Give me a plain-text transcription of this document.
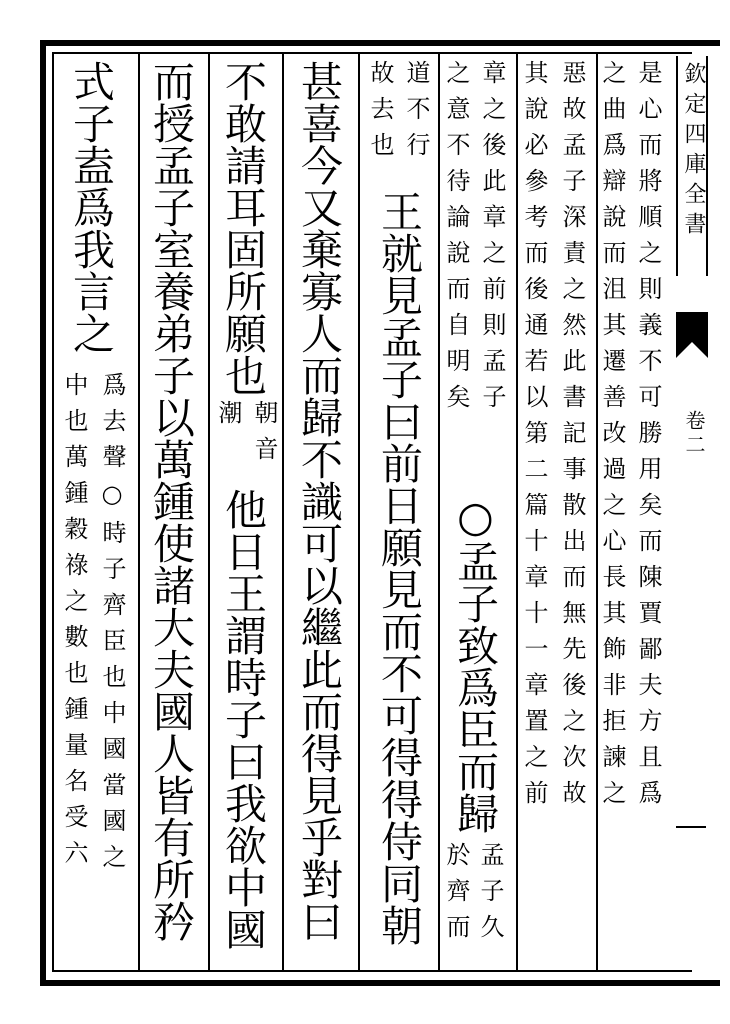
欽定四庫全書
卷二
是心而將順之則義不可勝用矣而陳賈鄙夫方且爲
之曲爲辯說而沮其遷善改過之心長其飾非拒諫之
惡故孟子深責之然此書記事散出而無先後之次故
其說必參考而後通若以第二篇十章十一章置之前
章之後此章之前則孟子
之意不待論說而自明矣
○
孟子致爲臣而歸
孟子久
於齊而
道不行
故去也
王就見孟子曰前日願見而不可得得侍同朝
甚喜今又棄寡人而歸不識可以繼此而得見乎對曰
不敢請耳固所願也
朝音
潮
他日王謂時子曰我欲中國
而授孟子室養弟子以萬鍾使諸大夫國人皆有所矜
式子盍爲我言之
爲去聲○時子齊臣也中國當國之
中也萬鍾穀祿之數也鍾量名受六
